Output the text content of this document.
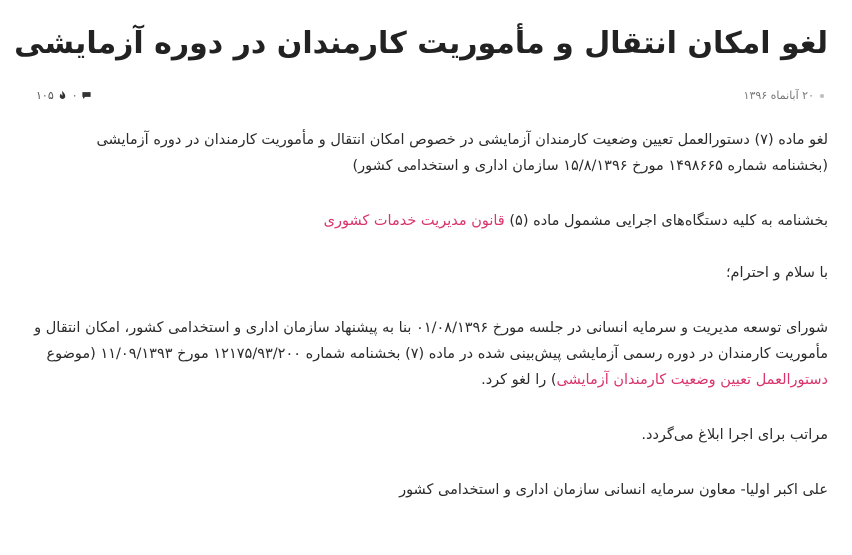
لغو امکان انتقال و مأموریت کارمندان در دوره آزمایشی
۲۰ آبانماه ۱۳۹۶
۰
۱۰۵

لغو ماده (۷) دستورالعمل تعیین وضعیت کارمندان آزمایشی در خصوص امکان انتقال و مأموریت کارمندان در دوره آزمایشی
(بخشنامه شماره ۱۴۹۸۶۶۵ مورخ ۱۵/۸/۱۳۹۶ سازمان اداری و استخدامی کشور)

بخشنامه به کلیه دستگاه‌های اجرایی مشمول ماده (۵) قانون مدیریت خدمات کشوری

با سلام و احترام؛

شورای توسعه مدیریت و سرمایه انسانی در جلسه مورخ ۰۱/۰۸/۱۳۹۶ بنا به پیشنهاد سازمان اداری و استخدامی کشور، امکان انتقال و مأموریت کارمندان در دوره رسمی آزمایشی پیش‌بینی شده در ماده (۷) بخشنامه شماره ۱۲۱۷۵/۹۳/۲۰۰ مورخ ۱۱/۰۹/۱۳۹۳ (موضوع دستورالعمل تعیین وضعیت کارمندان آزمایشی) را لغو کرد.

مراتب برای اجرا ابلاغ می‌گردد.

علی اکبر اولیا- معاون سرمایه انسانی سازمان اداری و استخدامی کشور
